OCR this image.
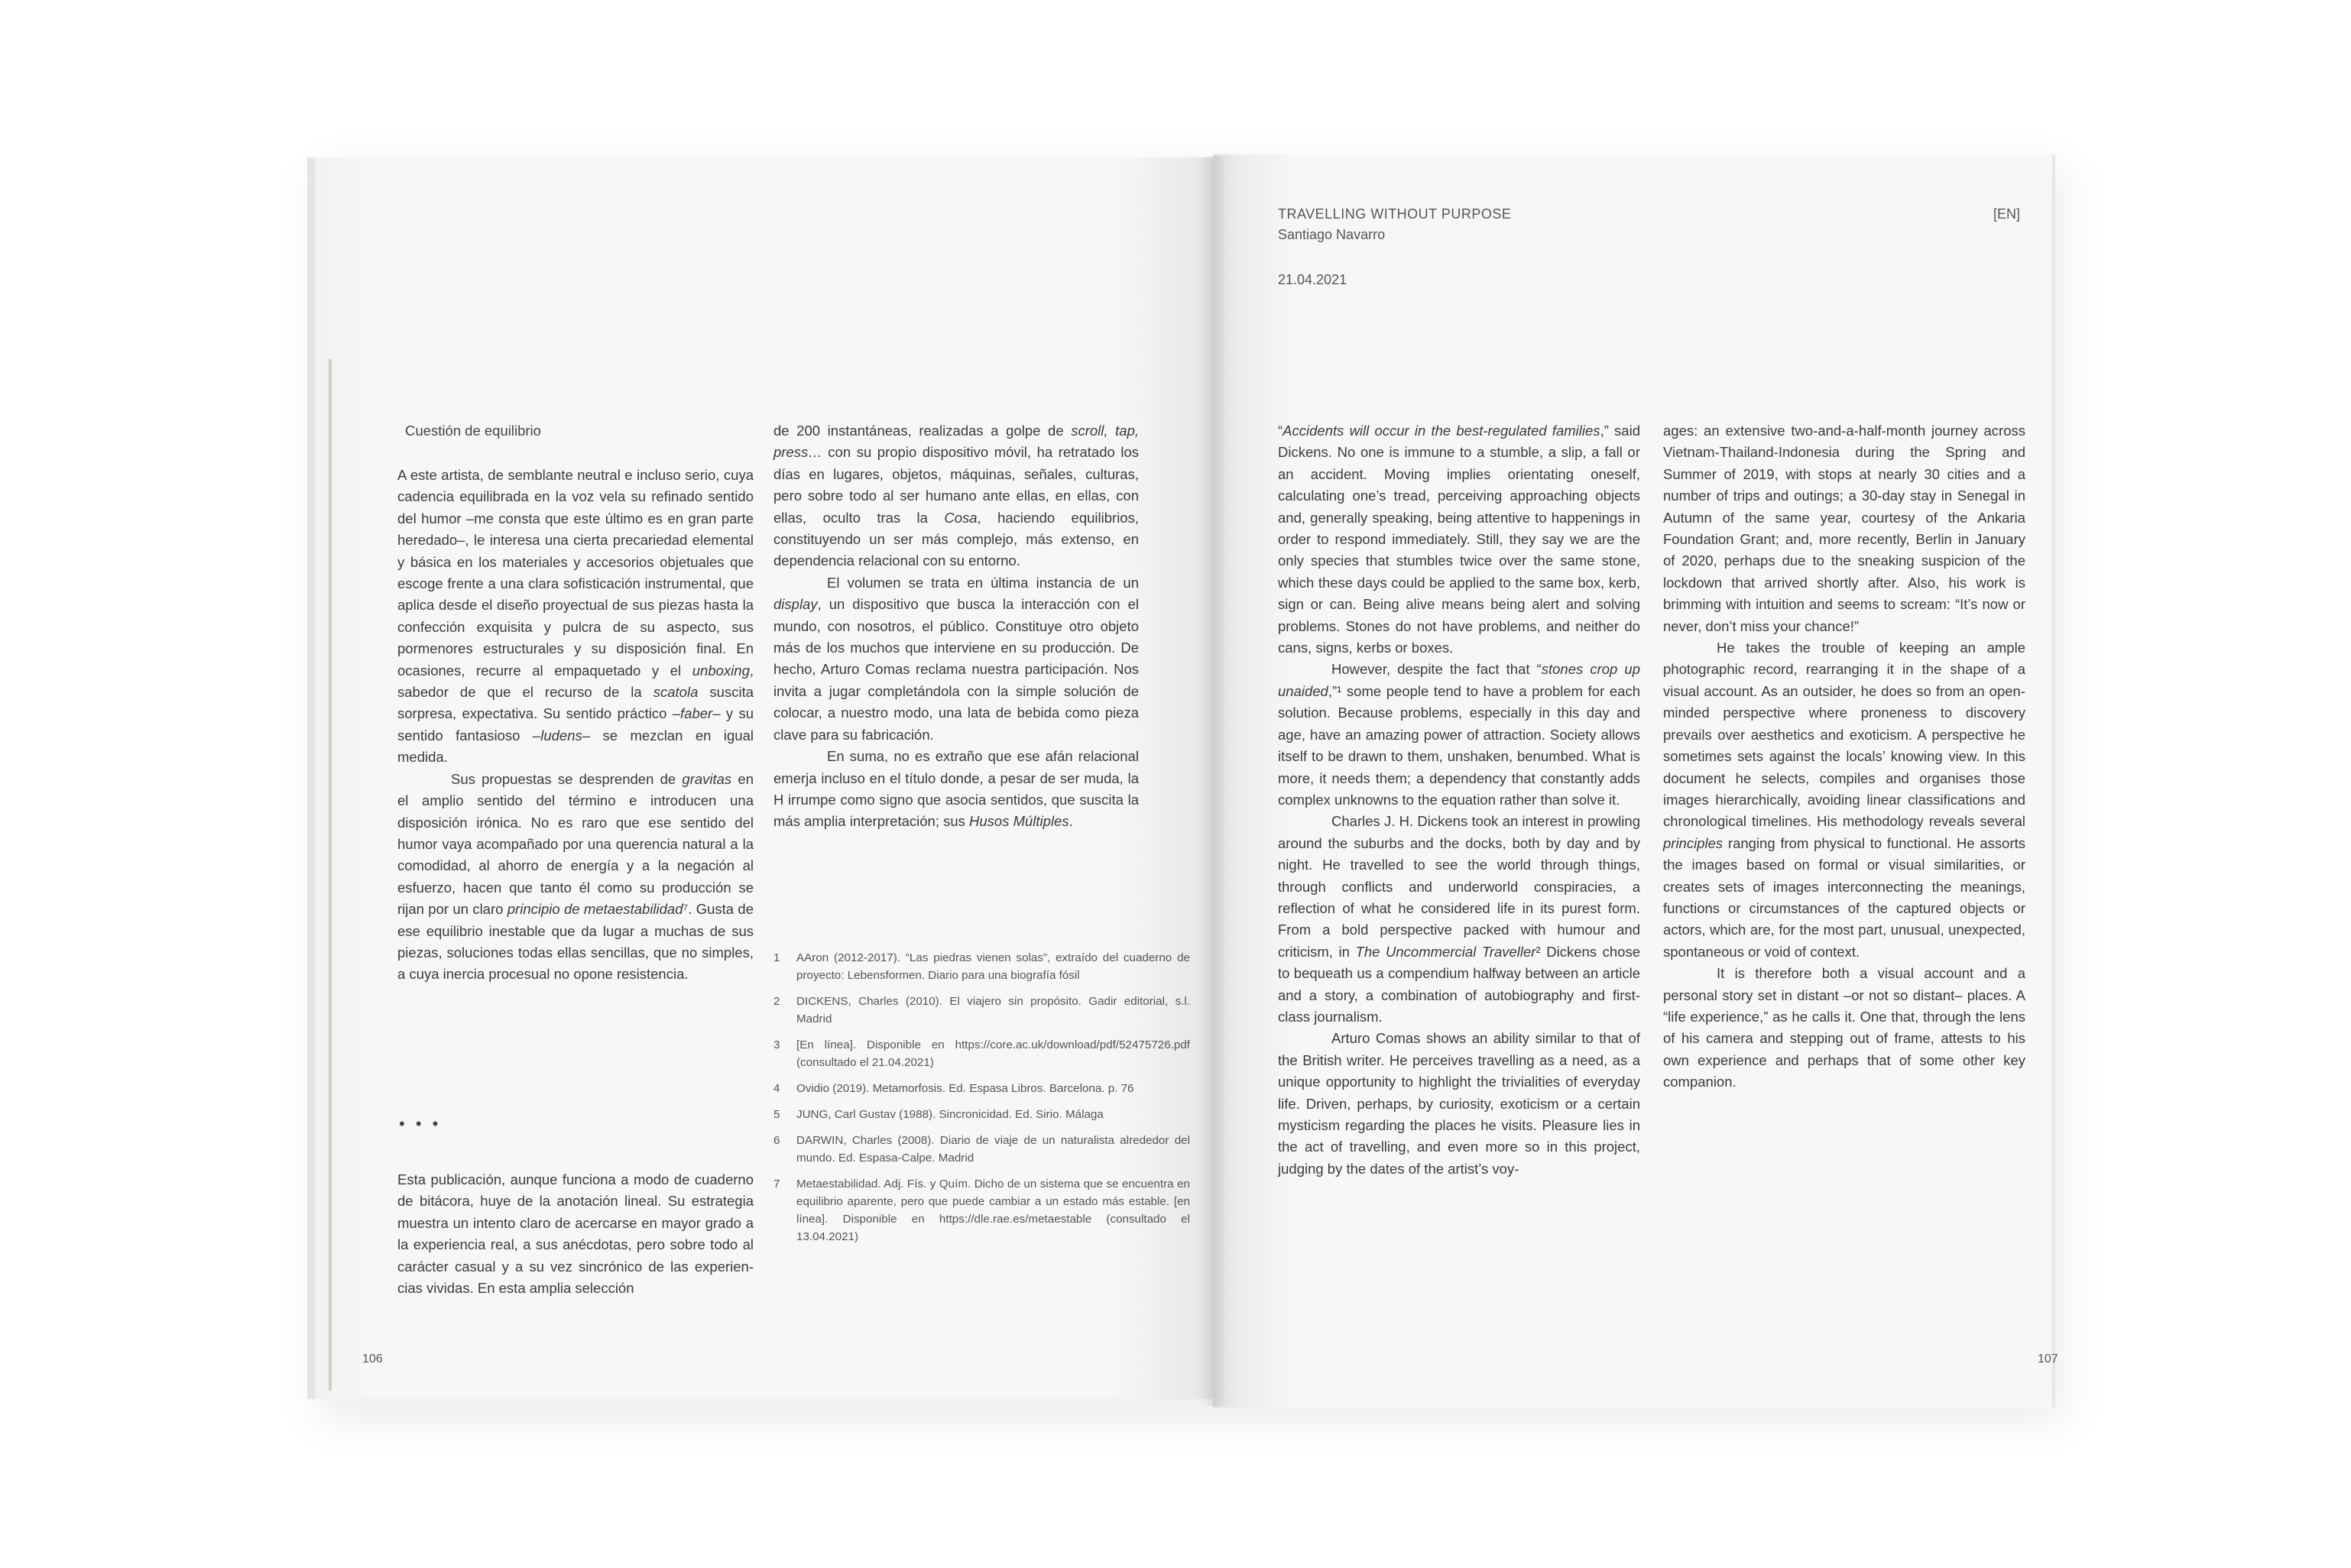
Cuestión de equilibrio

A este artista, de semblante neutral e incluso serio, cuya cadencia equilibrada en la voz vela su refinado sentido del humor –me consta que este último es en gran parte heredado–, le interesa una cierta precariedad elemental y básica en los materiales y accesorios objetuales que escoge frente a una clara sofisticación instrumental, que aplica desde el diseño proyectual de sus piezas hasta la confección exquisita y pulcra de su aspecto, sus pormenores estructurales y su disposición final. En ocasiones, recurre al empaquetado y el unboxing, sabedor de que el recurso de la scatola suscita sorpresa, expectativa. Su sentido práctico –faber– y su sentido fantasioso –ludens– se mezclan en igual medida.

Sus propuestas se desprenden de gravitas en el amplio sentido del término e introducen una disposición irónica. No es raro que ese sentido del humor vaya acompañado por una querencia natural a la comodidad, al ahorro de energía y a la negación al esfuerzo, hacen que tanto él como su producción se rijan por un claro principio de metaestabilidad⁷. Gusta de ese equilibrio inestable que da lugar a muchas de sus piezas, soluciones todas ellas sencillas, que no simples, a cuya inercia procesual no opone resistencia.

• • •

Esta publicación, aunque funciona a modo de cuaderno de bitácora, huye de la anotación lineal. Su estrategia muestra un intento claro de acercarse en mayor grado a la experiencia real, a sus anécdotas, pero sobre todo al carácter casual y a su vez sincrónico de las experien-cias vividas. En esta amplia selección

de 200 instantáneas, realizadas a golpe de scroll, tap, press… con su propio dispositivo móvil, ha retratado los días en lugares, objetos, máquinas, señales, culturas, pero sobre todo al ser humano ante ellas, en ellas, con ellas, oculto tras la Cosa, haciendo equilibrios, constituyendo un ser más complejo, más extenso, en dependencia relacional con su entorno.

El volumen se trata en última instancia de un display, un dispositivo que busca la interacción con el mundo, con nosotros, el público. Constituye otro objeto más de los muchos que interviene en su producción. De hecho, Arturo Comas reclama nuestra participación. Nos invita a jugar completándola con la simple solución de colocar, a nuestro modo, una lata de bebida como pieza clave para su fabricación.

En suma, no es extraño que ese afán relacional emerja incluso en el título donde, a pesar de ser muda, la H irrumpe como signo que asocia sentidos, que suscita la más amplia interpretación; sus Husos Múltiples.

1 AAron (2012-2017). “Las piedras vienen solas”, extraído del cuaderno de proyecto: Lebensformen. Diario para una biografía fósil
2 DICKENS, Charles (2010). El viajero sin propósito. Gadir editorial, s.l. Madrid
3 [En línea]. Disponible en https://core.ac.uk/download/pdf/52475726.pdf (consultado el 21.04.2021)
4 Ovidio (2019). Metamorfosis. Ed. Espasa Libros. Barcelona. p. 76
5 JUNG, Carl Gustav (1988). Sincronicidad. Ed. Sirio. Málaga
6 DARWIN, Charles (2008). Diario de viaje de un naturalista alrededor del mundo. Ed. Espasa-Calpe. Madrid
7 Metaestabilidad. Adj. Fís. y Quím. Dicho de un sistema que se encuentra en equilibrio aparente, pero que puede cambiar a un estado más estable. [en línea]. Disponible en https://dle.rae.es/metaestable (consultado el 13.04.2021)
106
TRAVELLING WITHOUT PURPOSE
Santiago Navarro
[EN]
21.04.2021

“Accidents will occur in the best-regulated families,” said Dickens. No one is immune to a stumble, a slip, a fall or an accident. Moving implies orientating oneself, calculating one’s tread, perceiving approaching objects and, generally speaking, being attentive to happenings in order to respond immediately. Still, they say we are the only species that stumbles twice over the same stone, which these days could be applied to the same box, kerb, sign or can. Being alive means being alert and solving problems. Stones do not have problems, and neither do cans, signs, kerbs or boxes.

However, despite the fact that “stones crop up unaided,”¹ some people tend to have a problem for each solution. Because problems, especially in this day and age, have an amazing power of attraction. Society allows itself to be drawn to them, unshaken, benumbed. What is more, it needs them; a dependency that constantly adds complex unknowns to the equation rather than solve it.

Charles J. H. Dickens took an interest in prowling around the suburbs and the docks, both by day and by night. He travelled to see the world through things, through conflicts and underworld conspiracies, a reflection of what he considered life in its purest form. From a bold perspective packed with humour and criticism, in The Uncommercial Traveller² Dickens chose to bequeath us a compendium halfway between an article and a story, a combination of autobiography and first-class journalism.

Arturo Comas shows an ability similar to that of the British writer. He perceives travelling as a need, as a unique opportunity to highlight the trivialities of everyday life. Driven, perhaps, by curiosity, exoticism or a certain mysticism regarding the places he visits. Pleasure lies in the act of travelling, and even more so in this project, judging by the dates of the artist’s voy-

ages: an extensive two-and-a-half-month journey across Vietnam-Thailand-Indonesia during the Spring and Summer of 2019, with stops at nearly 30 cities and a number of trips and outings; a 30-day stay in Senegal in Autumn of the same year, courtesy of the Ankaria Foundation Grant; and, more recently, Berlin in January of 2020, perhaps due to the sneaking suspicion of the lockdown that arrived shortly after. Also, his work is brimming with intuition and seems to scream: “It’s now or never, don’t miss your chance!”

He takes the trouble of keeping an ample photographic record, rearranging it in the shape of a visual account. As an outsider, he does so from an open-minded perspective where proneness to discovery prevails over aesthetics and exoticism. A perspective he sometimes sets against the locals’ knowing view. In this document he selects, compiles and organises those images hierarchically, avoiding linear classifications and chronological timelines. His methodology reveals several principles ranging from physical to functional. He assorts the images based on formal or visual similarities, or creates sets of images interconnecting the meanings, functions or circumstances of the captured objects or actors, which are, for the most part, unusual, unexpected, spontaneous or void of context.

It is therefore both a visual account and a personal story set in distant –or not so distant– places. A “life experience,” as he calls it. One that, through the lens of his camera and stepping out of frame, attests to his own experience and perhaps that of some other key companion.

107
